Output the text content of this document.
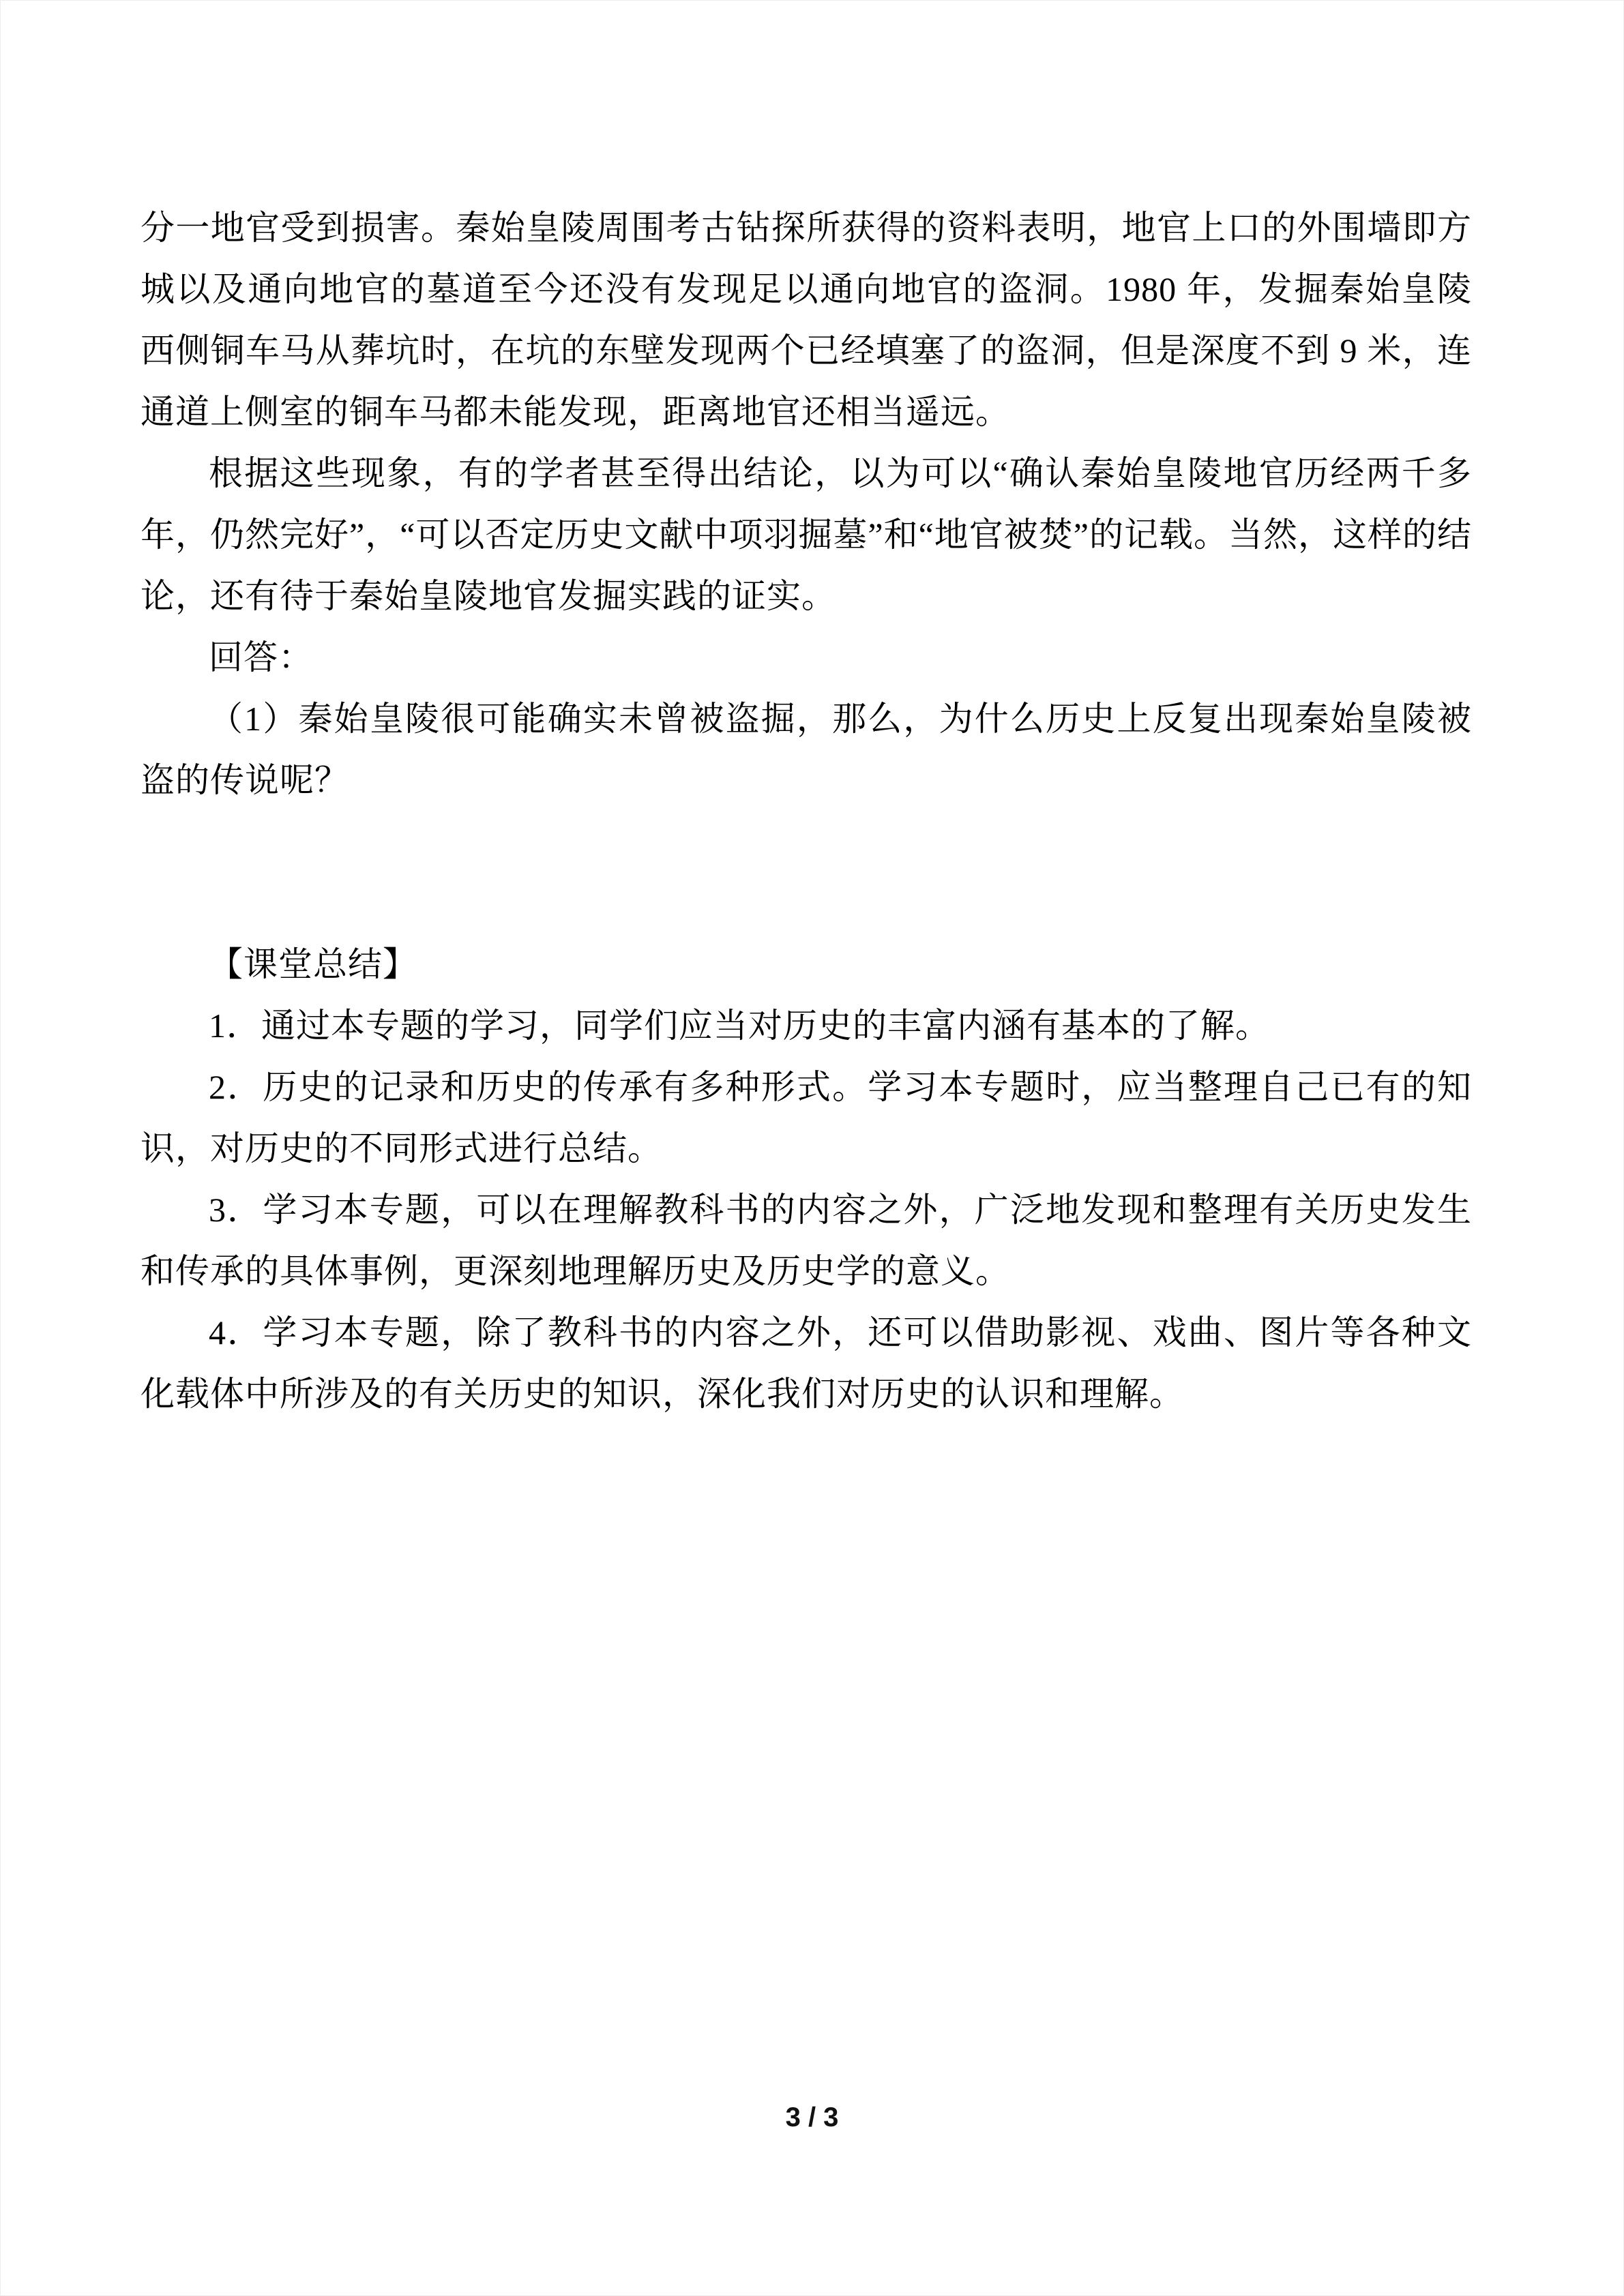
分一地官受到损害。秦始皇陵周围考古钻探所获得的资料表明，地官上口的外围墙即方城以及通向地官的墓道至今还没有发现足以通向地官的盗洞。1980 年，发掘秦始皇陵西侧铜车马从葬坑时，在坑的东壁发现两个已经填塞了的盗洞，但是深度不到 9 米，连通道上侧室的铜车马都未能发现，距离地官还相当遥远。

根据这些现象，有的学者甚至得出结论，以为可以“确认秦始皇陵地官历经两千多年，仍然完好”，“可以否定历史文献中项羽掘墓”和“地官被焚”的记载。当然，这样的结论，还有待于秦始皇陵地官发掘实践的证实。

回答：

（1）秦始皇陵很可能确实未曾被盗掘，那么，为什么历史上反复出现秦始皇陵被盗的传说呢？

【课堂总结】

1．通过本专题的学习，同学们应当对历史的丰富内涵有基本的了解。

2．历史的记录和历史的传承有多种形式。学习本专题时，应当整理自己已有的知识，对历史的不同形式进行总结。

3．学习本专题，可以在理解教科书的内容之外，广泛地发现和整理有关历史发生和传承的具体事例，更深刻地理解历史及历史学的意义。

4．学习本专题，除了教科书的内容之外，还可以借助影视、戏曲、图片等各种文化载体中所涉及的有关历史的知识，深化我们对历史的认识和理解。

3 / 3
